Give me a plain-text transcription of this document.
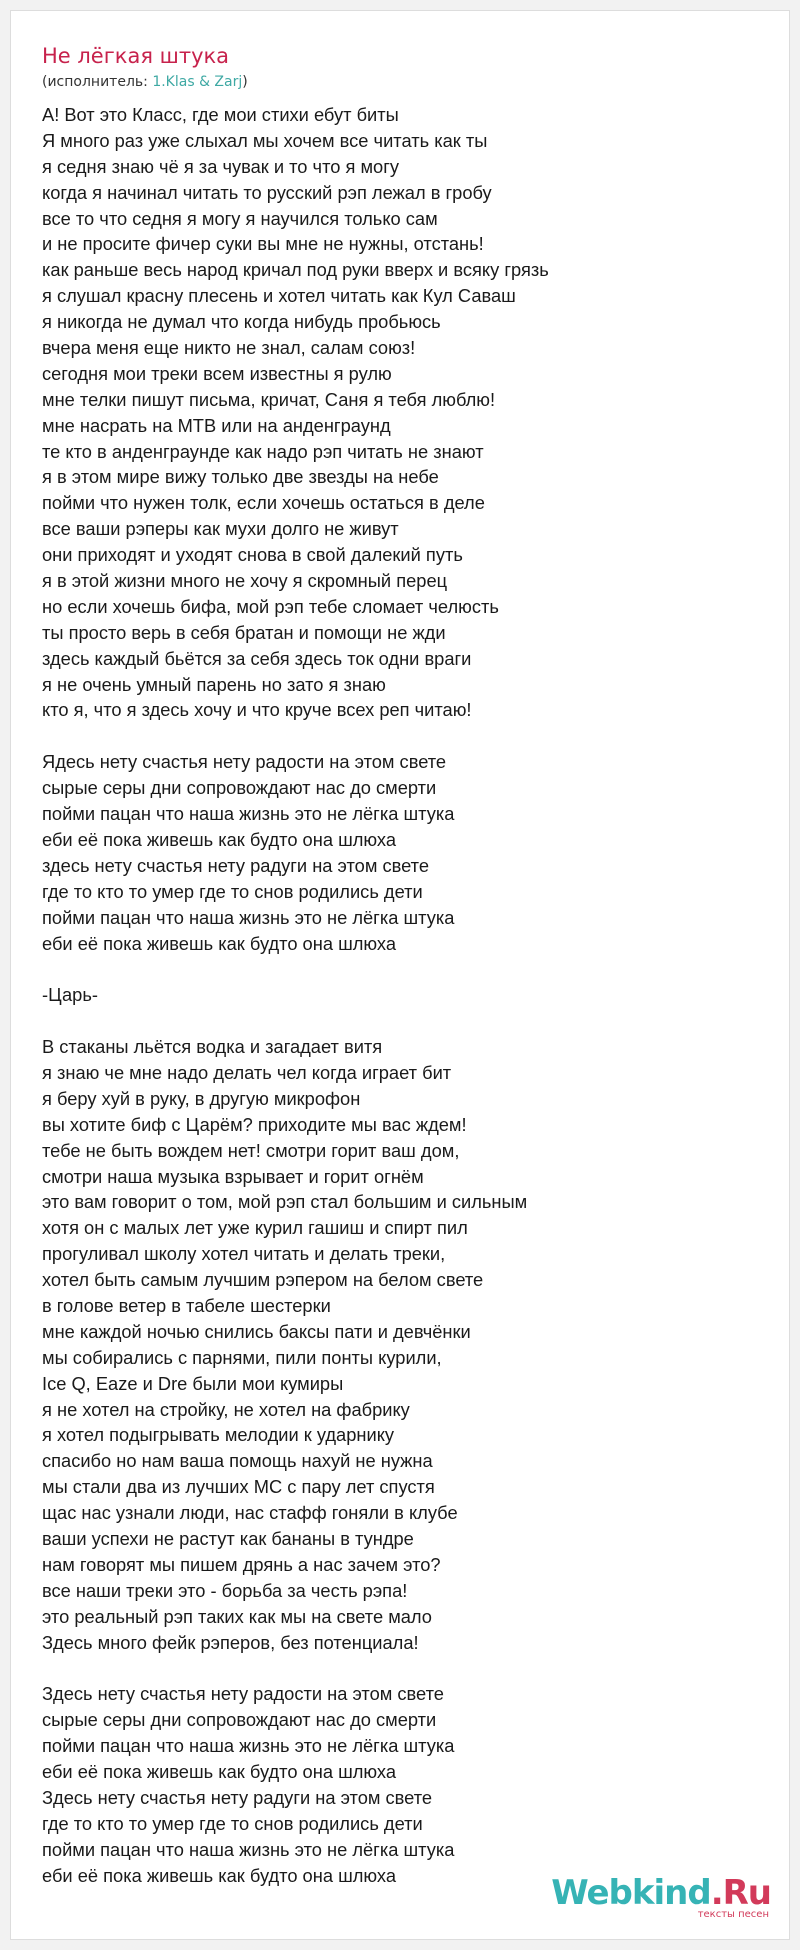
Не лёгкая штука
(исполнитель: 1.Klas & Zarj)
А! Вот это Класс, где мои стихи ебут биты
Я много раз уже слыхал мы хочем все читать как ты
я седня знаю чё я за чувак и то что я могу
когда я начинал читать то русский рэп лежал в гробу
все то что седня я могу я научился только сам
и не просите фичер суки вы мне не нужны, отстань!
как раньше весь народ кричал под руки вверх и всяку грязь
я слушал красну плесень и хотел читать как Кул Саваш
я никогда не думал что когда нибудь пробьюсь
вчера меня еще никто не знал, салам союз!
сегодня мои треки всем известны я рулю
мне телки пишут письма, кричат, Саня я тебя люблю!
мне насрать на МТВ или на анденграунд
те кто в анденграунде как надо рэп читать не знают
я в этом мире вижу только две звезды на небе
пойми что нужен толк, если хочешь остаться в деле
все ваши рэперы как мухи долго не живут
они приходят и уходят снова в свой далекий путь
я в этой жизни много не хочу я скромный перец
но если хочешь бифа, мой рэп тебе сломает челюсть
ты просто верь в себя братан и помощи не жди
здесь каждый бьётся за себя здесь ток одни враги
я не очень умный парень но зато я знаю
кто я, что я здесь хочу и что круче всех реп читаю!
Ядесь нету счастья нету радости на этом свете
сырые серы дни сопровождают нас до смерти
пойми пацан что наша жизнь это не лёгка штука
еби её пока живешь как будто она шлюха
здесь нету счастья нету радуги на этом свете
где то кто то умер где то снов родились дети
пойми пацан что наша жизнь это не лёгка штука
еби её пока живешь как будто она шлюха
-Царь-
В стаканы льётся водка и загадает витя
я знаю че мне надо делать чел когда играет бит
я беру хуй в руку, в другую микрофон
вы хотите биф с Царём? приходите мы вас ждем!
тебе не быть вождем нет! смотри горит ваш дом,
смотри наша музыка взрывает и горит огнём
это вам говорит о том, мой рэп стал большим и сильным
хотя он с малых лет уже курил гашиш и спирт пил
прогуливал школу хотел читать и делать треки,
хотел быть самым лучшим рэпером на белом свете
в голове ветер в табеле шестерки
мне каждой ночью снились баксы пати и девчёнки
мы собирались с парнями, пили понты курили,
Ice Q, Eaze и Dre были мои кумиры
я не хотел на стройку, не хотел на фабрику
я хотел подыгрывать мелодии к ударнику
спасибо но нам ваша помощь нахуй не нужна
мы стали два из лучших МС с пару лет спустя
щас нас узнали люди, нас стафф гоняли в клубе
ваши успехи не растут как бананы в тундре
нам говорят мы пишем дрянь а нас зачем это?
все наши треки это - борьба за честь рэпа!
это реальный рэп таких как мы на свете мало
Здесь много фейк рэперов, без потенциала!
Здесь нету счастья нету радости на этом свете
сырые серы дни сопровождают нас до смерти
пойми пацан что наша жизнь это не лёгка штука
еби её пока живешь как будто она шлюха
Здесь нету счастья нету радуги на этом свете
где то кто то умер где то снов родились дети
пойми пацан что наша жизнь это не лёгка штука
еби её пока живешь как будто она шлюха	Webkind.Ru
тексты песен
